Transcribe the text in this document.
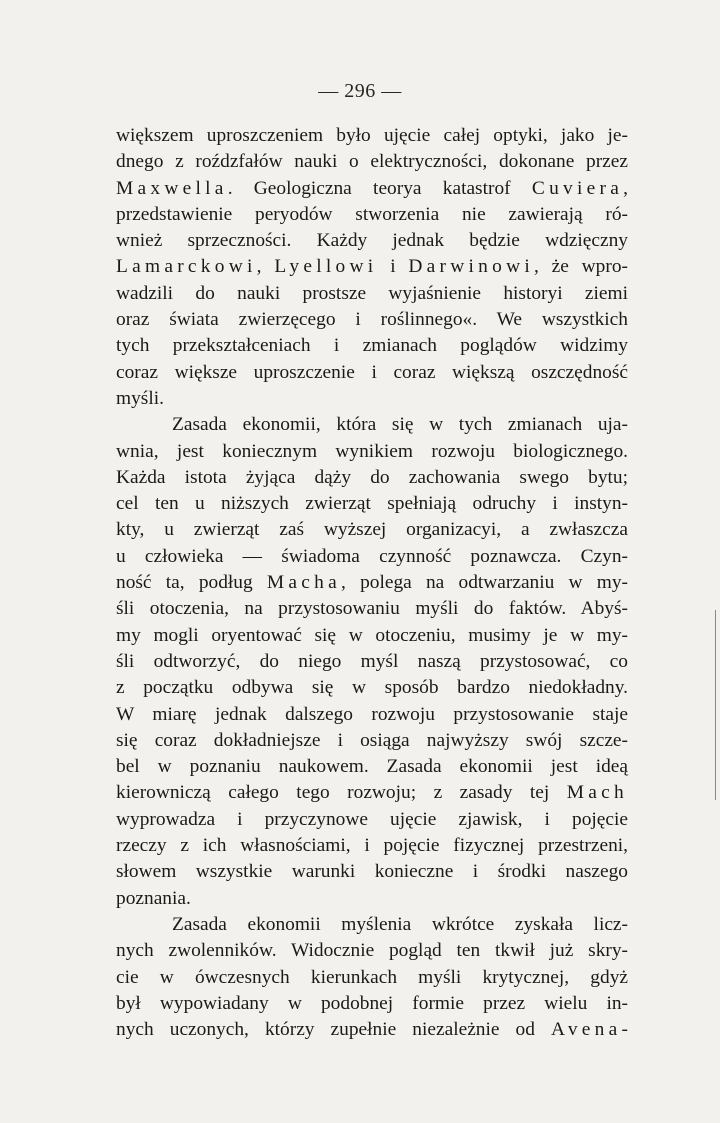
— 296 —
większem uproszczeniem było ujęcie całej optyki, jako je-
dnego z roźdzfałów nauki o elektryczności, dokonane przez
Maxwella. Geologiczna teorya katastrof Cuviera,
przedstawienie peryodów stworzenia nie zawierają ró-
wnież sprzeczności. Każdy jednak będzie wdzięczny
Lamarckowi, Lyellowi i Darwinowi, że wpro-
wadzili do nauki prostsze wyjaśnienie historyi ziemi
oraz świata zwierzęcego i roślinnego«. We wszystkich
tych przekształceniach i zmianach poglądów widzimy
coraz większe uproszczenie i coraz większą oszczędność
myśli.
Zasada ekonomii, która się w tych zmianach uja-
wnia, jest koniecznym wynikiem rozwoju biologicznego.
Każda istota żyjąca dąży do zachowania swego bytu;
cel ten u niższych zwierząt spełniają odruchy i instyn-
kty, u zwierząt zaś wyższej organizacyi, a zwłaszcza
u człowieka — świadoma czynność poznawcza. Czyn-
ność ta, podług Macha, polega na odtwarzaniu w my-
śli otoczenia, na przystosowaniu myśli do faktów. Abyś-
my mogli oryentować się w otoczeniu, musimy je w my-
śli odtworzyć, do niego myśl naszą przystosować, co
z początku odbywa się w sposób bardzo niedokładny.
W miarę jednak dalszego rozwoju przystosowanie staje
się coraz dokładniejsze i osiąga najwyższy swój szczе-
bel w poznaniu naukowem. Zasada ekonomii jest ideą
kierowniczą całego tego rozwoju; z zasady tej Mach
wyprowadza i przyczynowe ujęcie zjawisk, i pojęcie
rzeczy z ich własnościami, i pojęcie fizycznej przestrzeni,
słowem wszystkie warunki konieczne i środki naszego
poznania.
Zasada ekonomii myślenia wkrótce zyskała licz-
nych zwolenników. Widocznie pogląd ten tkwił już skry-
cie w ówczesnych kierunkach myśli krytycznej, gdyż
był wypowiadany w podobnej formie przez wielu in-
nych uczonych, którzy zupełnie niezależnie od Avena-
